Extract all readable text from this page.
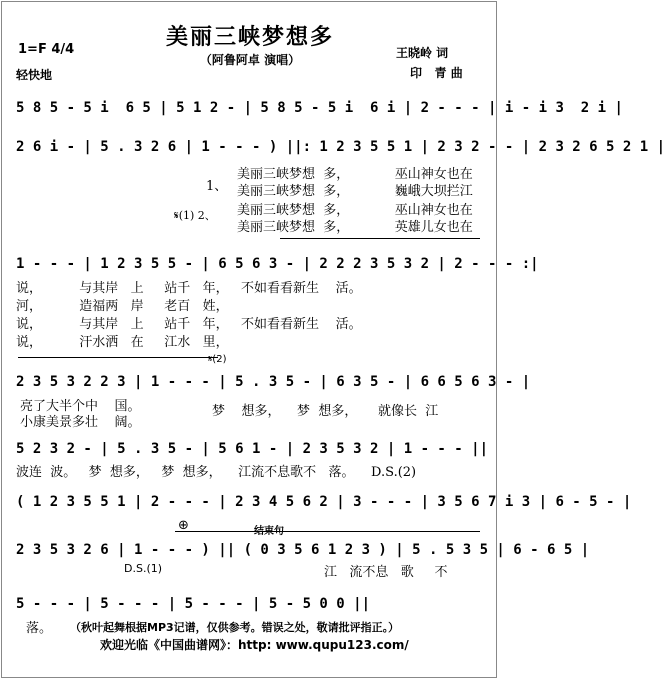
美丽三峡梦想多
（阿鲁阿卓 演唱）
1=F 4/4
轻快地
王晓岭 词
印   青 曲
5 8 5 - 5 i  6 5 | 5 1 2 - | 5 8 5 - 5 i  6 i | 2 - - - | i - i 3  2 i |
2 6 i - | 5 . 3 2 6 | 1 - - - ) ||: 1 2 3 5 5 1 | 2 3 2 - - | 2 3 2 6 5 2 1 |
1、
𝄋(1) 2、
美丽三峡梦想  多，           巫山神女也在
美丽三峡梦想  多，           巍峨大坝拦江
美丽三峡梦想  多，           巫山神女也在
美丽三峡梦想  多，           英雄儿女也在
1 - - - | 1 2 3 5 5 - | 6 5 6 3 - | 2 2 2 3 5 3 2 | 2 - - - :|
说，         与其岸   上     站千   年，   不如看看新生    活。
河，         造福两   岸     老百   姓，
说，         与其岸   上     站千   年，   不如看看新生    活。
说，         汗水洒   在     江水   里，
𝄋(2)
2 3 5 3 2 2 3 | 1 - - - | 5 . 3 5 - | 6 3 5 - | 6 6 5 6 3 - |
亮了大半个中    国。
小康美景多壮    阔。
梦    想多，    梦  想多，     就像长  江
5 2 3 2 - | 5 . 3 5 - | 5 6 1 - | 2 3 5 3 2 | 1 - - - ||
波连  波。   梦  想多，   梦  想多，    江流不息歌不   落。    D.S.(2)
( 1 2 3 5 5 1 | 2 - - - | 2 3 4 5 6 2 | 3 - - - | 3 5 6 7 i 3 | 6 - 5 - |
⊕	结束句
2 3 5 3 2 6 | 1 - - - ) || ( 0 3 5 6 1 2 3 ) | 5 . 5 3 5 | 6 - 6 5 |
D.S.(1)	江   流不息   歌     不
5 - - - | 5 - - - | 5 - - - | 5 - 5 0 0 ||
落。 （秋叶起舞根据MP3记谱，仅供参考。错误之处，敬请批评指正。）
欢迎光临《中国曲谱网》：http: www.qupu123.com/
